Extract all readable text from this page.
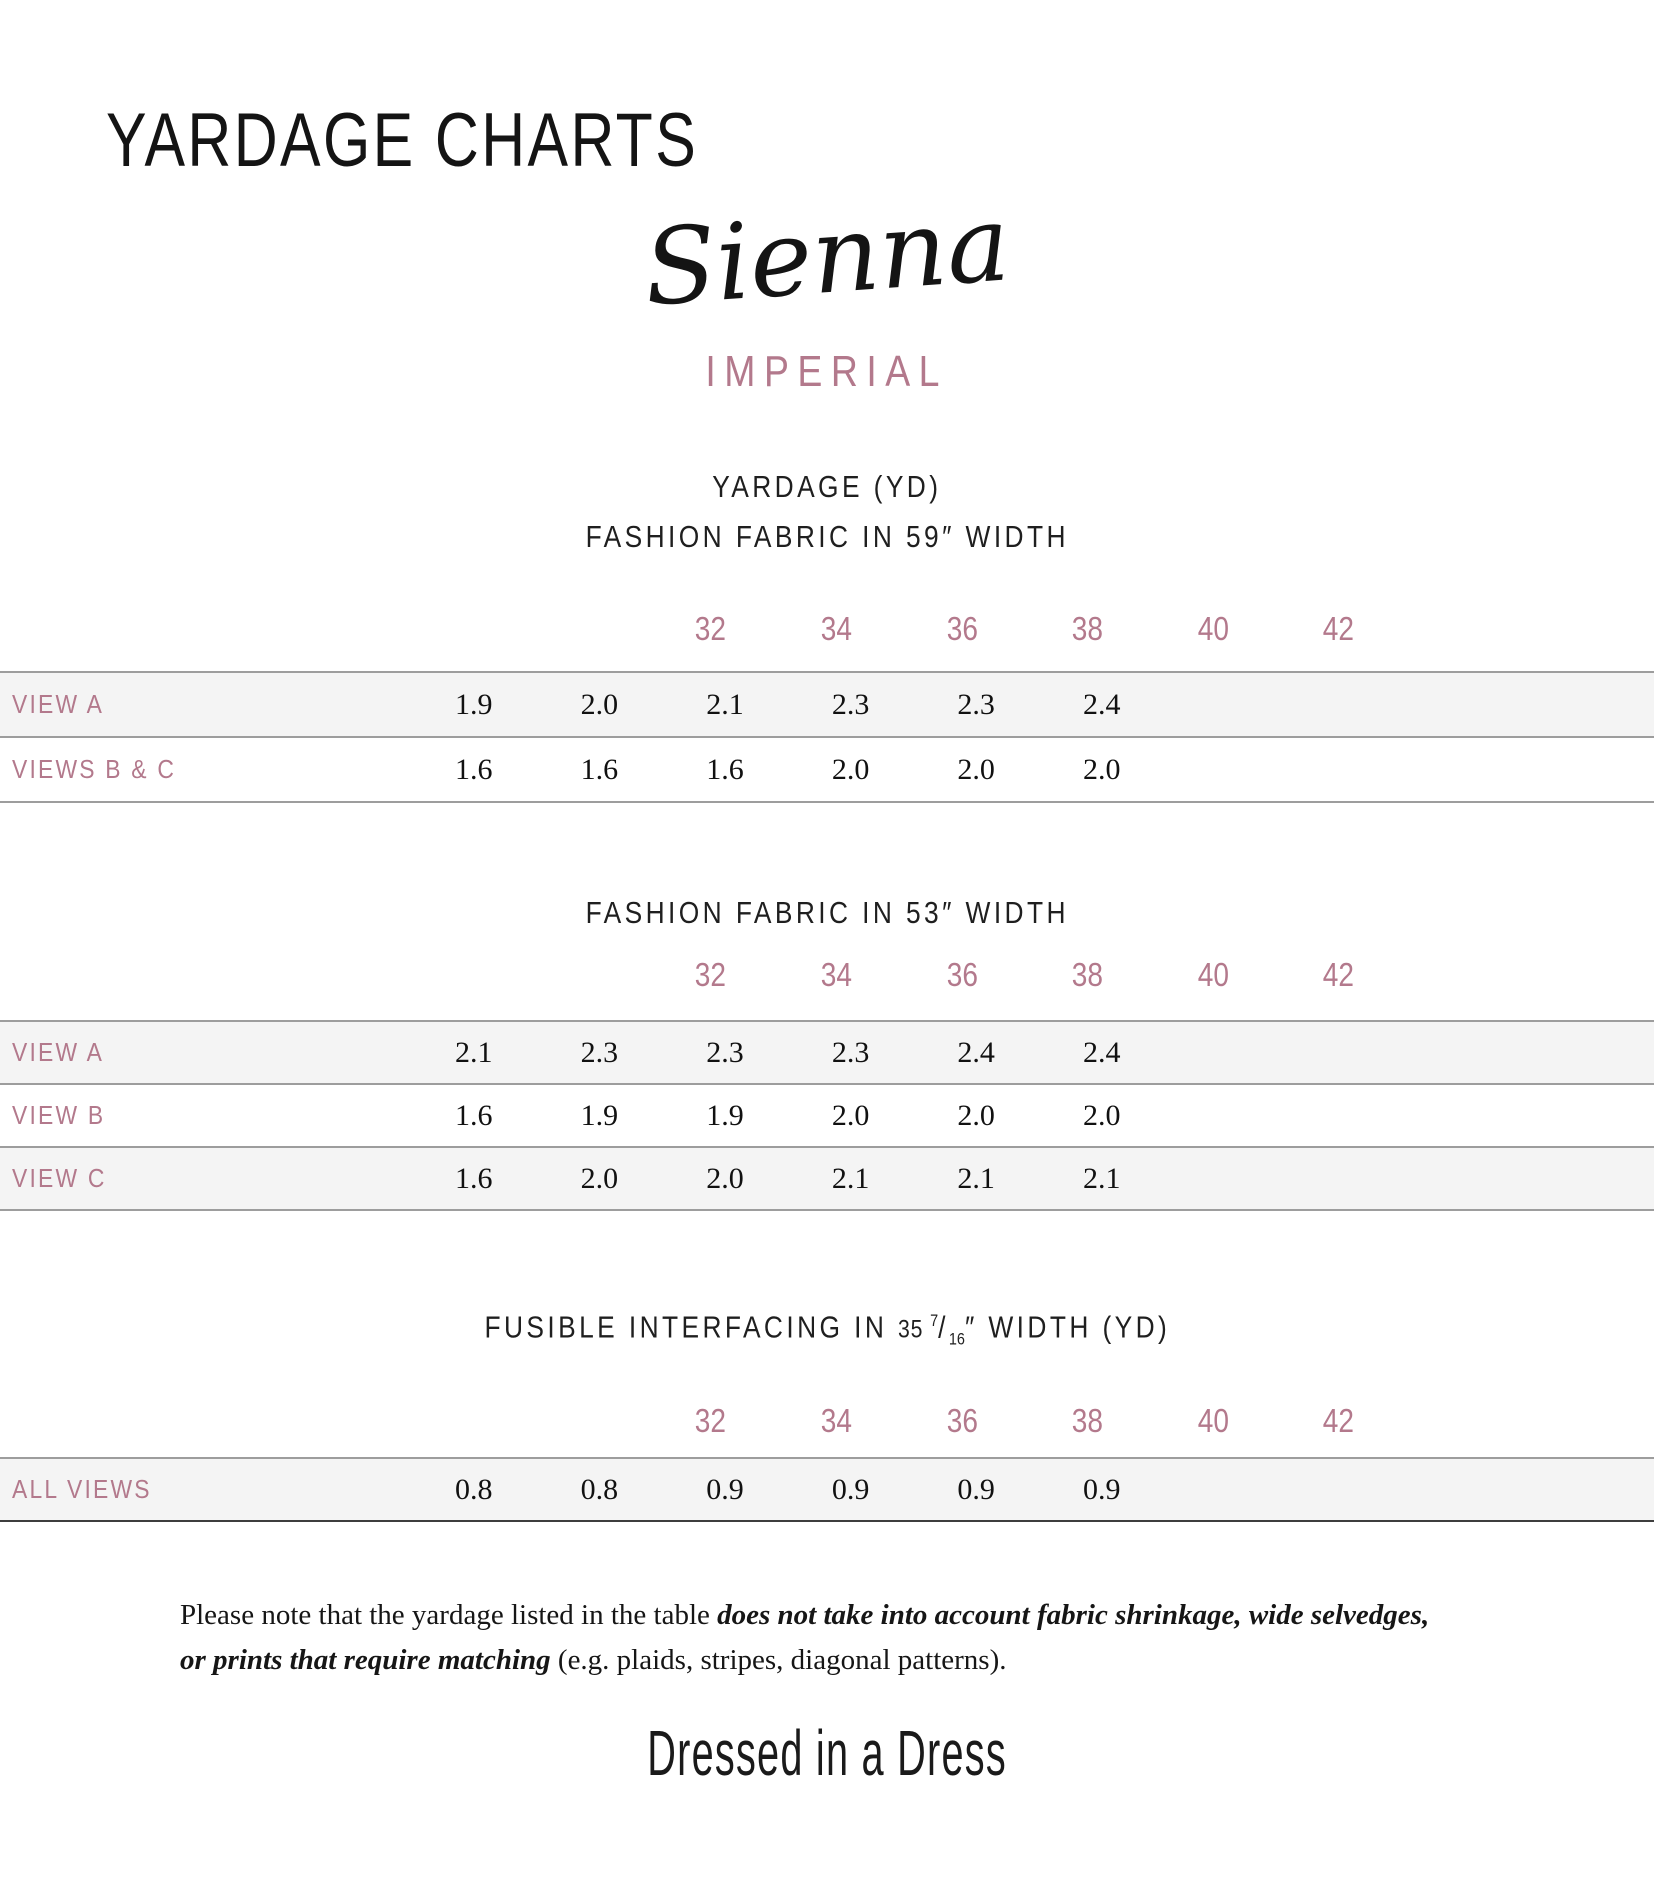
YARDAGE CHARTS
Sienna
IMPERIAL
YARDAGE (YD)
FASHION FABRIC IN 59″ WIDTH
32	34	36	38	40	42
VIEW A	1.9	2.0	2.1	2.3	2.3	2.4
VIEWS B & C	1.6	1.6	1.6	2.0	2.0	2.0
FASHION FABRIC IN 53″ WIDTH
32	34	36	38	40	42
VIEW A	2.1	2.3	2.3	2.3	2.4	2.4
VIEW B	1.6	1.9	1.9	2.0	2.0	2.0
VIEW C	1.6	2.0	2.0	2.1	2.1	2.1
FUSIBLE INTERFACING IN 35 $^7/_{16}''$ WIDTH (YD)
32	34	36	38	40	42
ALL VIEWS	0.8	0.8	0.9	0.9	0.9	0.9
Please note that the yardage listed in the table does not take into account fabric shrinkage, wide selvedges,
or prints that require matching (e.g. plaids, stripes, diagonal patterns).
Dressed in a Dress
